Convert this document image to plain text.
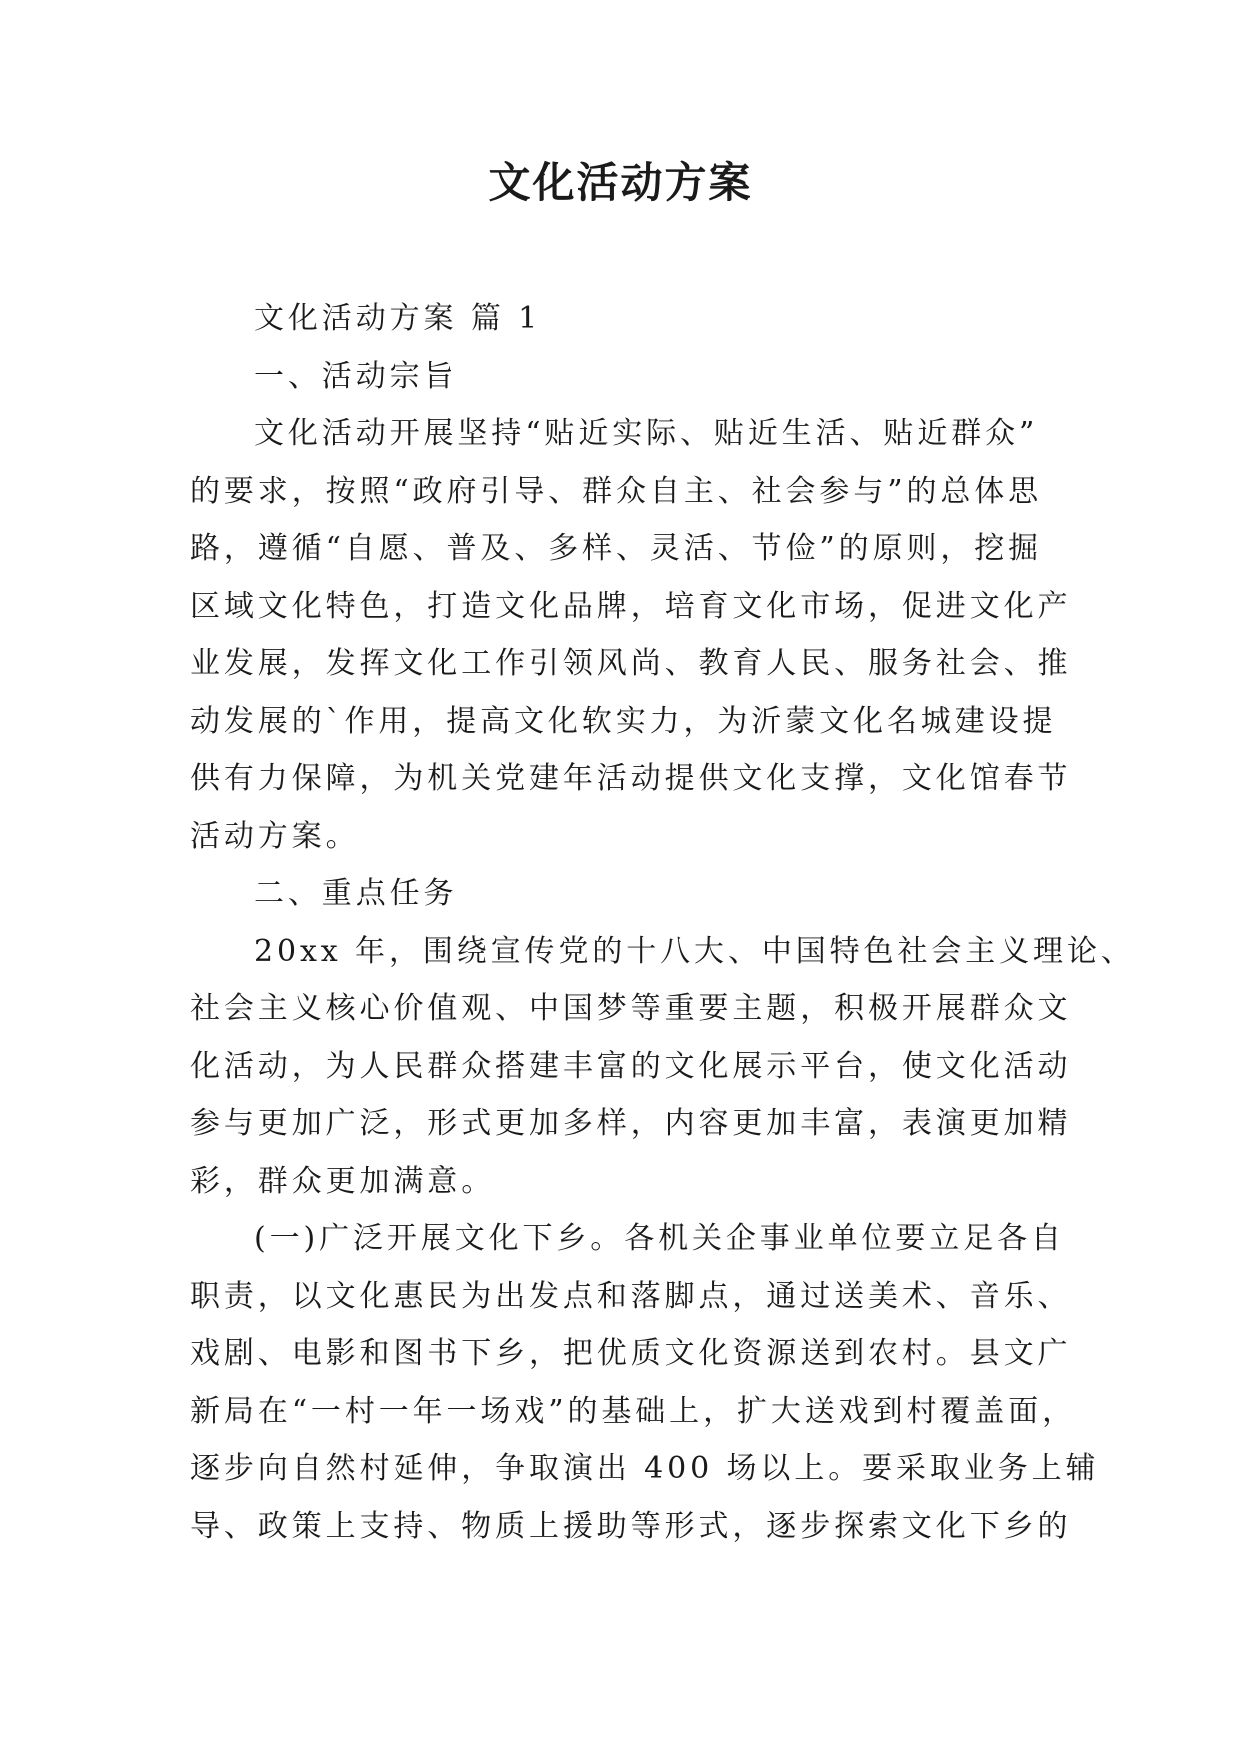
文化活动方案
文化活动方案 篇 1
一、活动宗旨
文化活动开展坚持“贴近实际、贴近生活、贴近群众”
的要求，按照“政府引导、群众自主、社会参与”的总体思
路，遵循“自愿、普及、多样、灵活、节俭”的原则，挖掘
区域文化特色，打造文化品牌，培育文化市场，促进文化产
业发展，发挥文化工作引领风尚、教育人民、服务社会、推
动发展的`作用，提高文化软实力，为沂蒙文化名城建设提
供有力保障，为机关党建年活动提供文化支撑，文化馆春节
活动方案。
二、重点任务
20xx 年，围绕宣传党的十八大、中国特色社会主义理论、
社会主义核心价值观、中国梦等重要主题，积极开展群众文
化活动，为人民群众搭建丰富的文化展示平台，使文化活动
参与更加广泛，形式更加多样，内容更加丰富，表演更加精
彩，群众更加满意。
(一)广泛开展文化下乡。各机关企事业单位要立足各自
职责，以文化惠民为出发点和落脚点，通过送美术、音乐、
戏剧、电影和图书下乡，把优质文化资源送到农村。县文广
新局在“一村一年一场戏”的基础上，扩大送戏到村覆盖面，
逐步向自然村延伸，争取演出 400 场以上。要采取业务上辅
导、政策上支持、物质上援助等形式，逐步探索文化下乡的
